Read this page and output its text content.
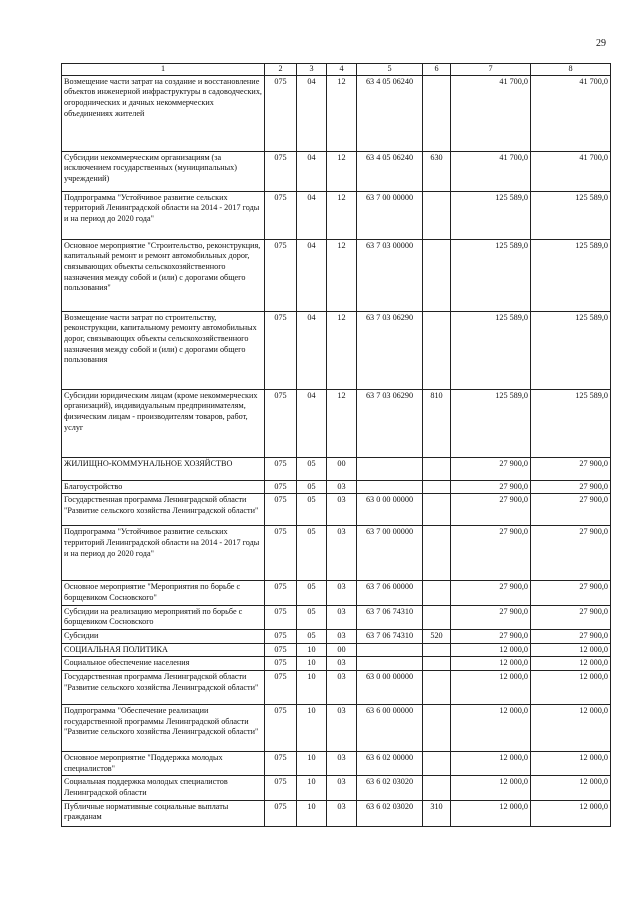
29
1	2	3	4	5	6	7	8
Возмещение части затрат на создание и восстановление объектов инженерной инфраструктуры в садоводческих, огороднических и дачных некоммерческих объединениях жителей	075	04	12	63 4 05 06240		41 700,0	41 700,0
Субсидии некоммерческим организациям (за исключением государственных (муниципальных) учреждений)	075	04	12	63 4 05 06240	630	41 700,0	41 700,0
Подпрограмма "Устойчивое развитие сельских территорий Ленинградской области на 2014 - 2017 годы и на период до 2020 года"	075	04	12	63 7 00 00000		125 589,0	125 589,0
Основное мероприятие "Строительство, реконструкция, капитальный ремонт и ремонт автомобильных дорог, связывающих объекты сельскохозяйственного назначения между собой и (или) с дорогами общего пользования"	075	04	12	63 7 03 00000		125 589,0	125 589,0
Возмещение части затрат по строительству, реконструкции, капитальному ремонту автомобильных дорог, связывающих объекты сельскохозяйственного назначения между собой и (или) с дорогами общего пользования	075	04	12	63 7 03 06290		125 589,0	125 589,0
Субсидии юридическим лицам (кроме некоммерческих организаций), индивидуальным предпринимателям, физическим лицам - производителям товаров, работ, услуг	075	04	12	63 7 03 06290	810	125 589,0	125 589,0
ЖИЛИЩНО-КОММУНАЛЬНОЕ ХОЗЯЙСТВО	075	05	00			27 900,0	27 900,0
Благоустройство	075	05	03			27 900,0	27 900,0
Государственная программа Ленинградской области "Развитие сельского хозяйства Ленинградской области"	075	05	03	63 0 00 00000		27 900,0	27 900,0
Подпрограмма "Устойчивое развитие сельских территорий Ленинградской области на 2014 - 2017 годы и на период до 2020 года"	075	05	03	63 7 00 00000		27 900,0	27 900,0
Основное мероприятие "Мероприятия по борьбе с борщевиком Сосновского"	075	05	03	63 7 06 00000		27 900,0	27 900,0
Субсидии на реализацию мероприятий по борьбе с борщевиком Сосновского	075	05	03	63 7 06 74310		27 900,0	27 900,0
Субсидии	075	05	03	63 7 06 74310	520	27 900,0	27 900,0
СОЦИАЛЬНАЯ ПОЛИТИКА	075	10	00			12 000,0	12 000,0
Социальное обеспечение населения	075	10	03			12 000,0	12 000,0
Государственная программа Ленинградской области "Развитие сельского хозяйства Ленинградской области"	075	10	03	63 0 00 00000		12 000,0	12 000,0
Подпрограмма "Обеспечение реализации государственной программы Ленинградской области "Развитие сельского хозяйства Ленинградской области"	075	10	03	63 6 00 00000		12 000,0	12 000,0
Основное мероприятие "Поддержка молодых специалистов"	075	10	03	63 6 02 00000		12 000,0	12 000,0
Социальная поддержка молодых специалистов Ленинградской области	075	10	03	63 6 02 03020		12 000,0	12 000,0
Публичные нормативные социальные выплаты гражданам	075	10	03	63 6 02 03020	310	12 000,0	12 000,0
